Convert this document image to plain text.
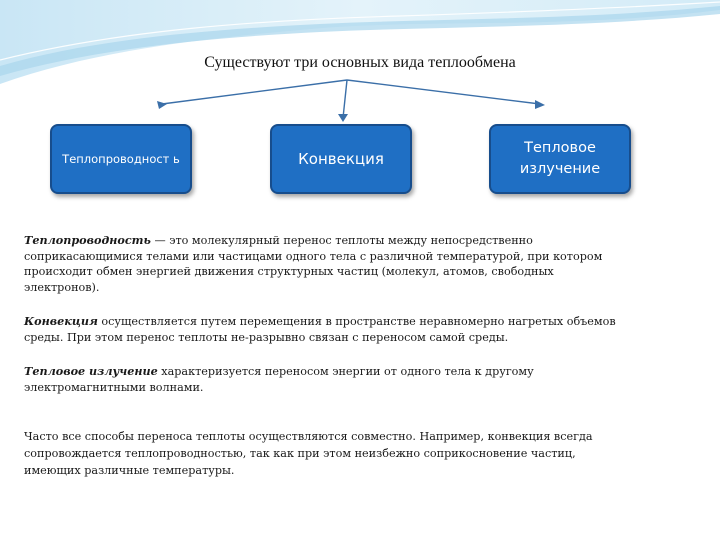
Существуют три основных вида теплообмена
Теплопроводност ь	Конвекция
Тепловое излучение
Теплопроводность — это молекулярный перенос теплоты между непосредственно соприкасающимися телами или частицами одного тела с различной температурой, при котором происходит обмен энергией движения структурных частиц (молекул, атомов, свободных электронов).
Конвекция осуществляется путем перемещения в пространстве неравномерно нагретых объемов среды. При этом перенос теплоты не-разрывно связан с переносом самой среды.
Тепловое излучение характеризуется переносом энергии от одного тела к другому электромагнитными волнами.
Часто все способы переноса теплоты осуществляются совместно. Например, конвекция всегда сопровождается теплопроводностью, так как при этом неизбежно соприкосновение частиц, имеющих различные температуры.
